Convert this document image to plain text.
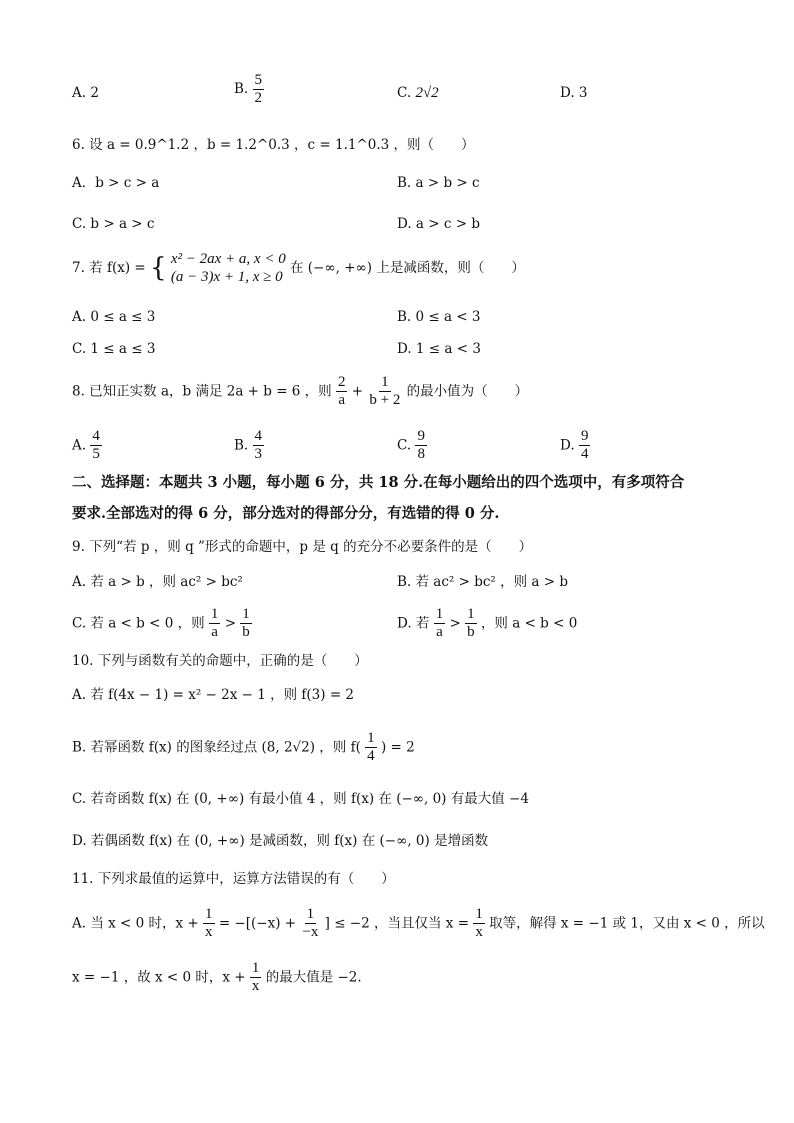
A. 2	B. $\frac{5}{2}$	C. 2√2	D. 3
6. 设 a = 0.9^1.2 ，b = 1.2^0.3 ，c = 1.1^0.3 ，则（　　）
A．b > c > a	B. a > b > c
C. b > a > c	D. a > c > b
7. 若 f(x) = { x² − 2ax + a, x < 0
(a − 3)x + 1, x ≥ 0
在 (−∞, +∞) 上是减函数，则（　　）
A. 0 ≤ a ≤ 3	B. 0 ≤ a < 3
C. 1 ≤ a ≤ 3	D. 1 ≤ a < 3
8. 已知正实数 a，b 满足 2a + b = 6 ，则 $\frac{2}{a} + \frac{1}{b + 2}$ 的最小值为（　　）
A. $\frac{4}{5}$	B. $\frac{4}{3}$	C. $\frac{9}{8}$	D. $\frac{9}{4}$
二、选择题：本题共 3 小题，每小题 6 分，共 18 分.在每小题给出的四个选项中，有多项符合
要求.全部选对的得 6 分，部分选对的得部分分，有选错的得 0 分.
9. 下列“若 p ，则 q ”形式的命题中，p 是 q 的充分不必要条件的是（　　）
A. 若 a > b ，则 ac² > bc²	B. 若 ac² > bc² ，则 a > b
C. 若 a < b < 0 ，则 $\frac{1}{a} > \frac{1}{b}$	D. 若 $\frac{1}{a} > \frac{1}{b}$ ，则 a < b < 0
10. 下列与函数有关的命题中，正确的是（　　）
A. 若 f(4x − 1) = x² − 2x − 1 ，则 f(3) = 2
B. 若幂函数 f(x) 的图象经过点 (8, 2√2) ，则 $f( \frac{1}{4}$ ) = 2
C. 若奇函数 f(x) 在 (0, +∞) 有最小值 4 ，则 f(x) 在 (−∞, 0) 有最大值 −4
D. 若偶函数 f(x) 在 (0, +∞) 是减函数，则 f(x) 在 (−∞, 0) 是增函数
11. 下列求最值的运算中，运算方法错误的有（　　）
A. 当 x < 0 时，$x + \frac{1}{x} = -[(-x) + \frac{1}{-x}$ ] ≤ −2 ，当且仅当 $x = \frac{1}{x}$ 取等，解得 x = −1 或 1，又由 x < 0 ，所以
x = −1 ，故 x < 0 时，$x + \frac{1}{x}$ 的最大值是 −2.
